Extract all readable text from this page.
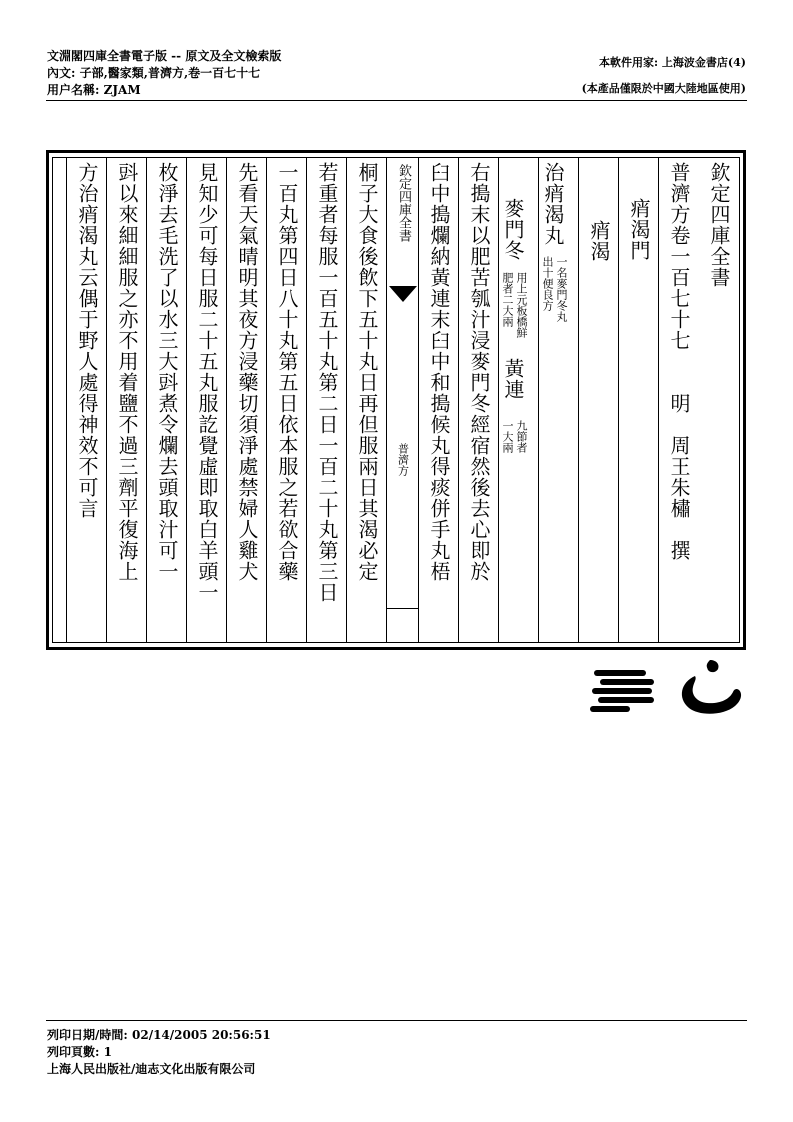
文淵閣四庫全書電子版 -- 原文及全文檢索版
內文: 子部,醫家類,普濟方,卷一百七十七
用户名稱: ZJAM
本軟件用家: 上海波金書店(4)
(本產品僅限於中國大陸地區使用)
欽定四庫全書
普濟方卷一百七十七　　明　周王朱橚　撰
痟渴門
痟渴
治痟渴丸
一名麥門冬丸
出十便良方
麥門冬
用上元板橋鮮
肥者二大兩
黃連
九節者
一大兩
右搗末以肥苦瓠汁浸麥門冬經宿然後去心即於
臼中搗爛納黃連末臼中和搗候丸得痰併手丸梧
欽定四庫全書
普濟方
桐子大食後飲下五十丸日再但服兩日其渴必定
若重者每服一百五十丸第二日一百二十丸第三日
一百丸第四日八十丸第五日依本服之若欲合藥
先看天氣晴明其夜方浸藥切須淨處禁婦人雞犬
見知少可每日服二十五丸服訖覺虛即取白羊頭一
枚淨去毛洗了以水三大㪷煮令爛去頭取汁可一
㪷以來細細服之亦不用着鹽不過三劑平復海上
方治痟渴丸云偶于野人處得神效不可言
列印日期/時間: 02/14/2005 20:56:51
列印頁數: 1
上海人民出版社/迪志文化出版有限公司
